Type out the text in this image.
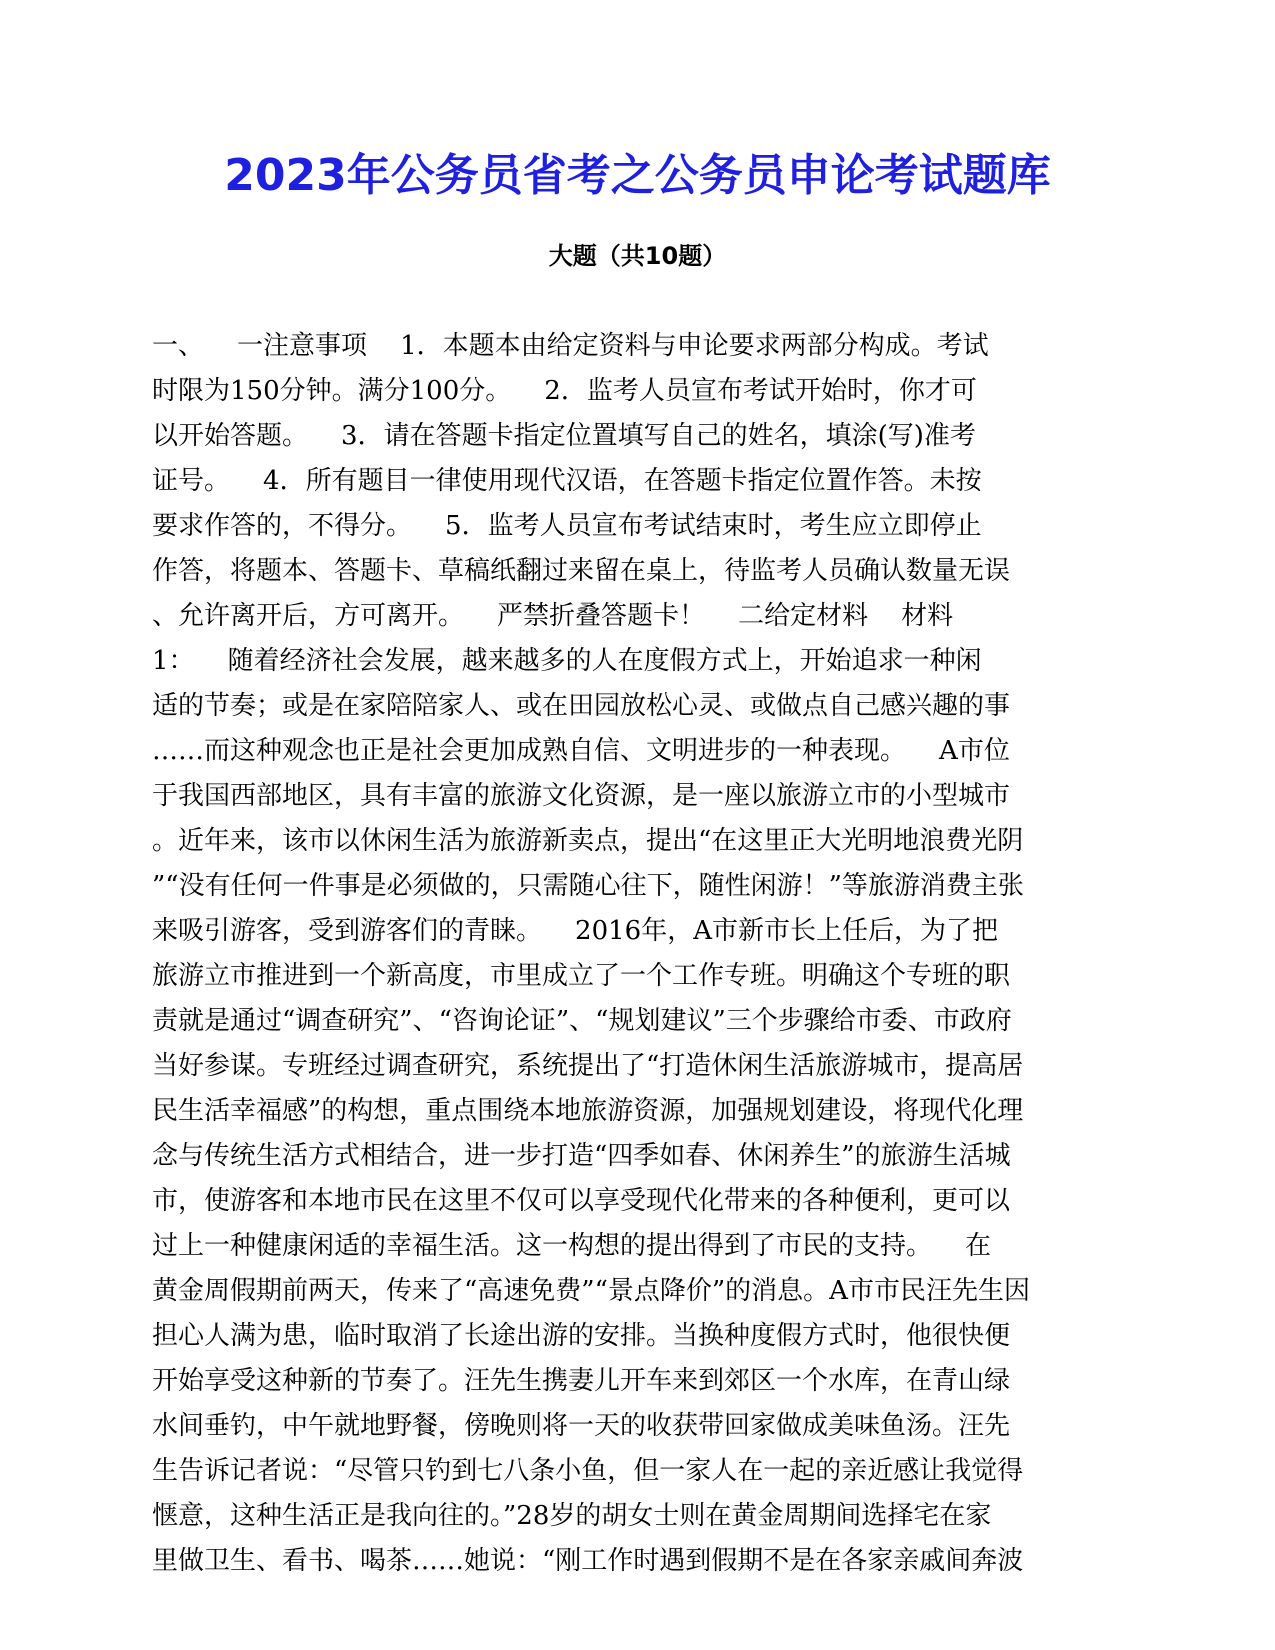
2023年公务员省考之公务员申论考试题库
大题（共10题）
一、    一注意事项    1．本题本由给定资料与申论要求两部分构成。考试
时限为150分钟。满分100分。    2．监考人员宣布考试开始时，你才可
以开始答题。    3．请在答题卡指定位置填写自己的姓名，填涂(写)准考
证号。    4．所有题目一律使用现代汉语，在答题卡指定位置作答。未按
要求作答的，不得分。    5．监考人员宣布考试结束时，考生应立即停止
作答，将题本、答题卡、草稿纸翻过来留在桌上，待监考人员确认数量无误
、允许离开后，方可离开。    严禁折叠答题卡！    二给定材料    材料
1：    随着经济社会发展，越来越多的人在度假方式上，开始追求一种闲
适的节奏；或是在家陪陪家人、或在田园放松心灵、或做点自己感兴趣的事
……而这种观念也正是社会更加成熟自信、文明进步的一种表现。    A市位
于我国西部地区，具有丰富的旅游文化资源，是一座以旅游立市的小型城市
。近年来，该市以休闲生活为旅游新卖点，提出“在这里正大光明地浪费光阴
”“没有任何一件事是必须做的，只需随心往下，随性闲游！”等旅游消费主张
来吸引游客，受到游客们的青睐。    2016年，A市新市长上任后，为了把
旅游立市推进到一个新高度，市里成立了一个工作专班。明确这个专班的职
责就是通过“调查研究”、“咨询论证”、“规划建议”三个步骤给市委、市政府
当好参谋。专班经过调查研究，系统提出了“打造休闲生活旅游城市，提高居
民生活幸福感”的构想，重点围绕本地旅游资源，加强规划建设，将现代化理
念与传统生活方式相结合，进一步打造“四季如春、休闲养生”的旅游生活城
市，使游客和本地市民在这里不仅可以享受现代化带来的各种便利，更可以
过上一种健康闲适的幸福生活。这一构想的提出得到了市民的支持。    在
黄金周假期前两天，传来了“高速免费”“景点降价”的消息。A市市民汪先生因
担心人满为患，临时取消了长途出游的安排。当换种度假方式时，他很快便
开始享受这种新的节奏了。汪先生携妻儿开车来到郊区一个水库，在青山绿
水间垂钓，中午就地野餐，傍晚则将一天的收获带回家做成美味鱼汤。汪先
生告诉记者说：“尽管只钓到七八条小鱼，但一家人在一起的亲近感让我觉得
惬意，这种生活正是我向往的。”28岁的胡女士则在黄金周期间选择宅在家
里做卫生、看书、喝茶……她说：“刚工作时遇到假期不是在各家亲戚间奔波
